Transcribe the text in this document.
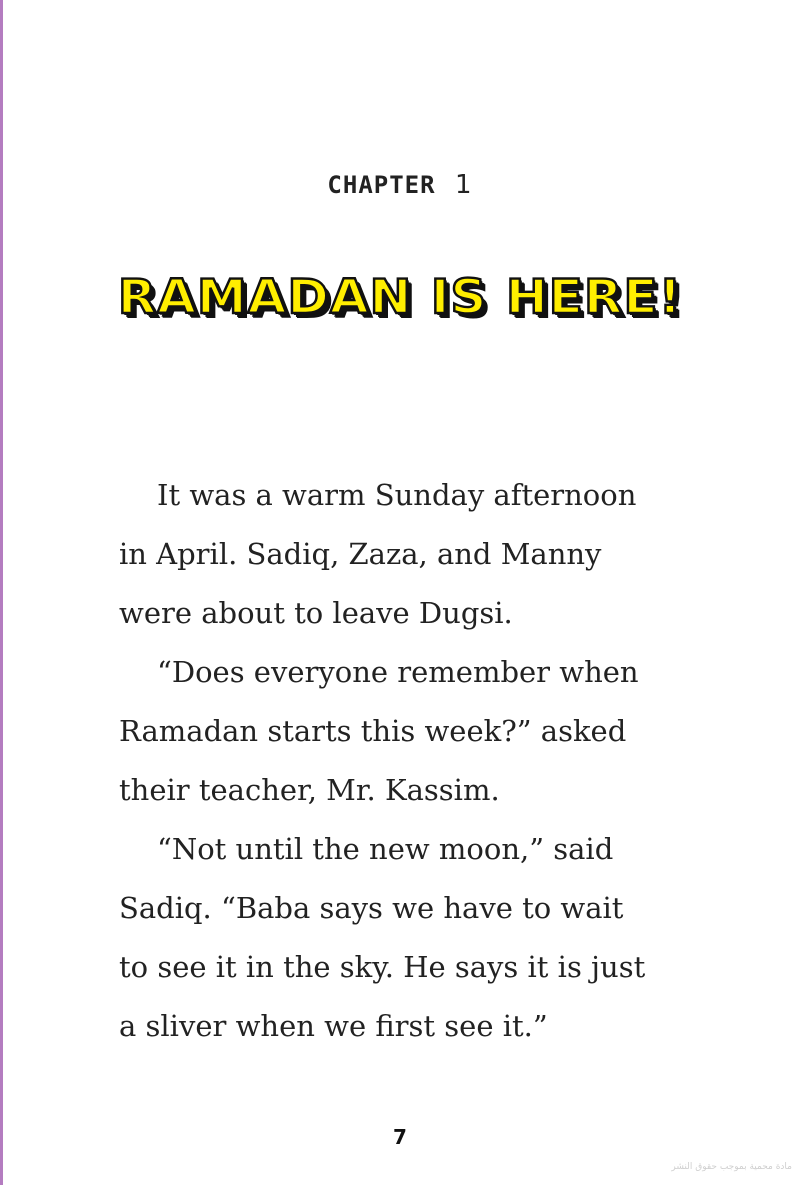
CHAPTER 1
RAMADAN IS HERE!

It was a warm Sunday afternoon
in April. Sadiq, Zaza, and Manny
were about to leave Dugsi.

“Does everyone remember when
Ramadan starts this week?” asked
their teacher, Mr. Kassim.

“Not until the new moon,” said
Sadiq. “Baba says we have to wait
to see it in the sky. He says it is just
a sliver when we first see it.”

7
مادة محمية بموجب حقوق النشر
